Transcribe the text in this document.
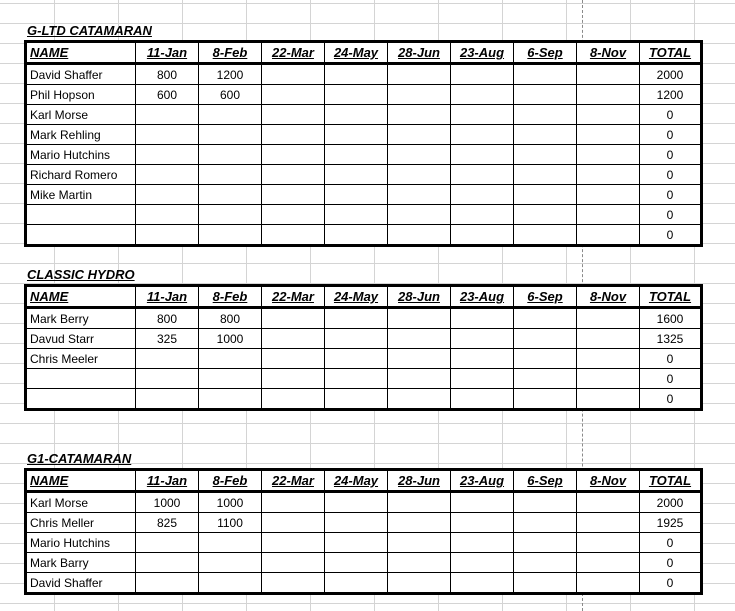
G-LTD CATAMARAN
NAME	11-Jan	8-Feb	22-Mar	24-May	28-Jun	23-Aug	6-Sep	8-Nov	TOTAL
David Shaffer	800	1200							2000
Phil Hopson	600	600							1200
Karl Morse									0
Mark Rehling									0
Mario Hutchins									0
Richard Romero									0
Mike Martin									0
									0
									0
CLASSIC HYDRO
NAME	11-Jan	8-Feb	22-Mar	24-May	28-Jun	23-Aug	6-Sep	8-Nov	TOTAL
Mark Berry	800	800							1600
Davud Starr	325	1000							1325
Chris Meeler									0
									0
									0
G1-CATAMARAN
NAME	11-Jan	8-Feb	22-Mar	24-May	28-Jun	23-Aug	6-Sep	8-Nov	TOTAL
Karl Morse	1000	1000							2000
Chris Meller	825	1100							1925
Mario Hutchins									0
Mark Barry									0
David Shaffer									0
